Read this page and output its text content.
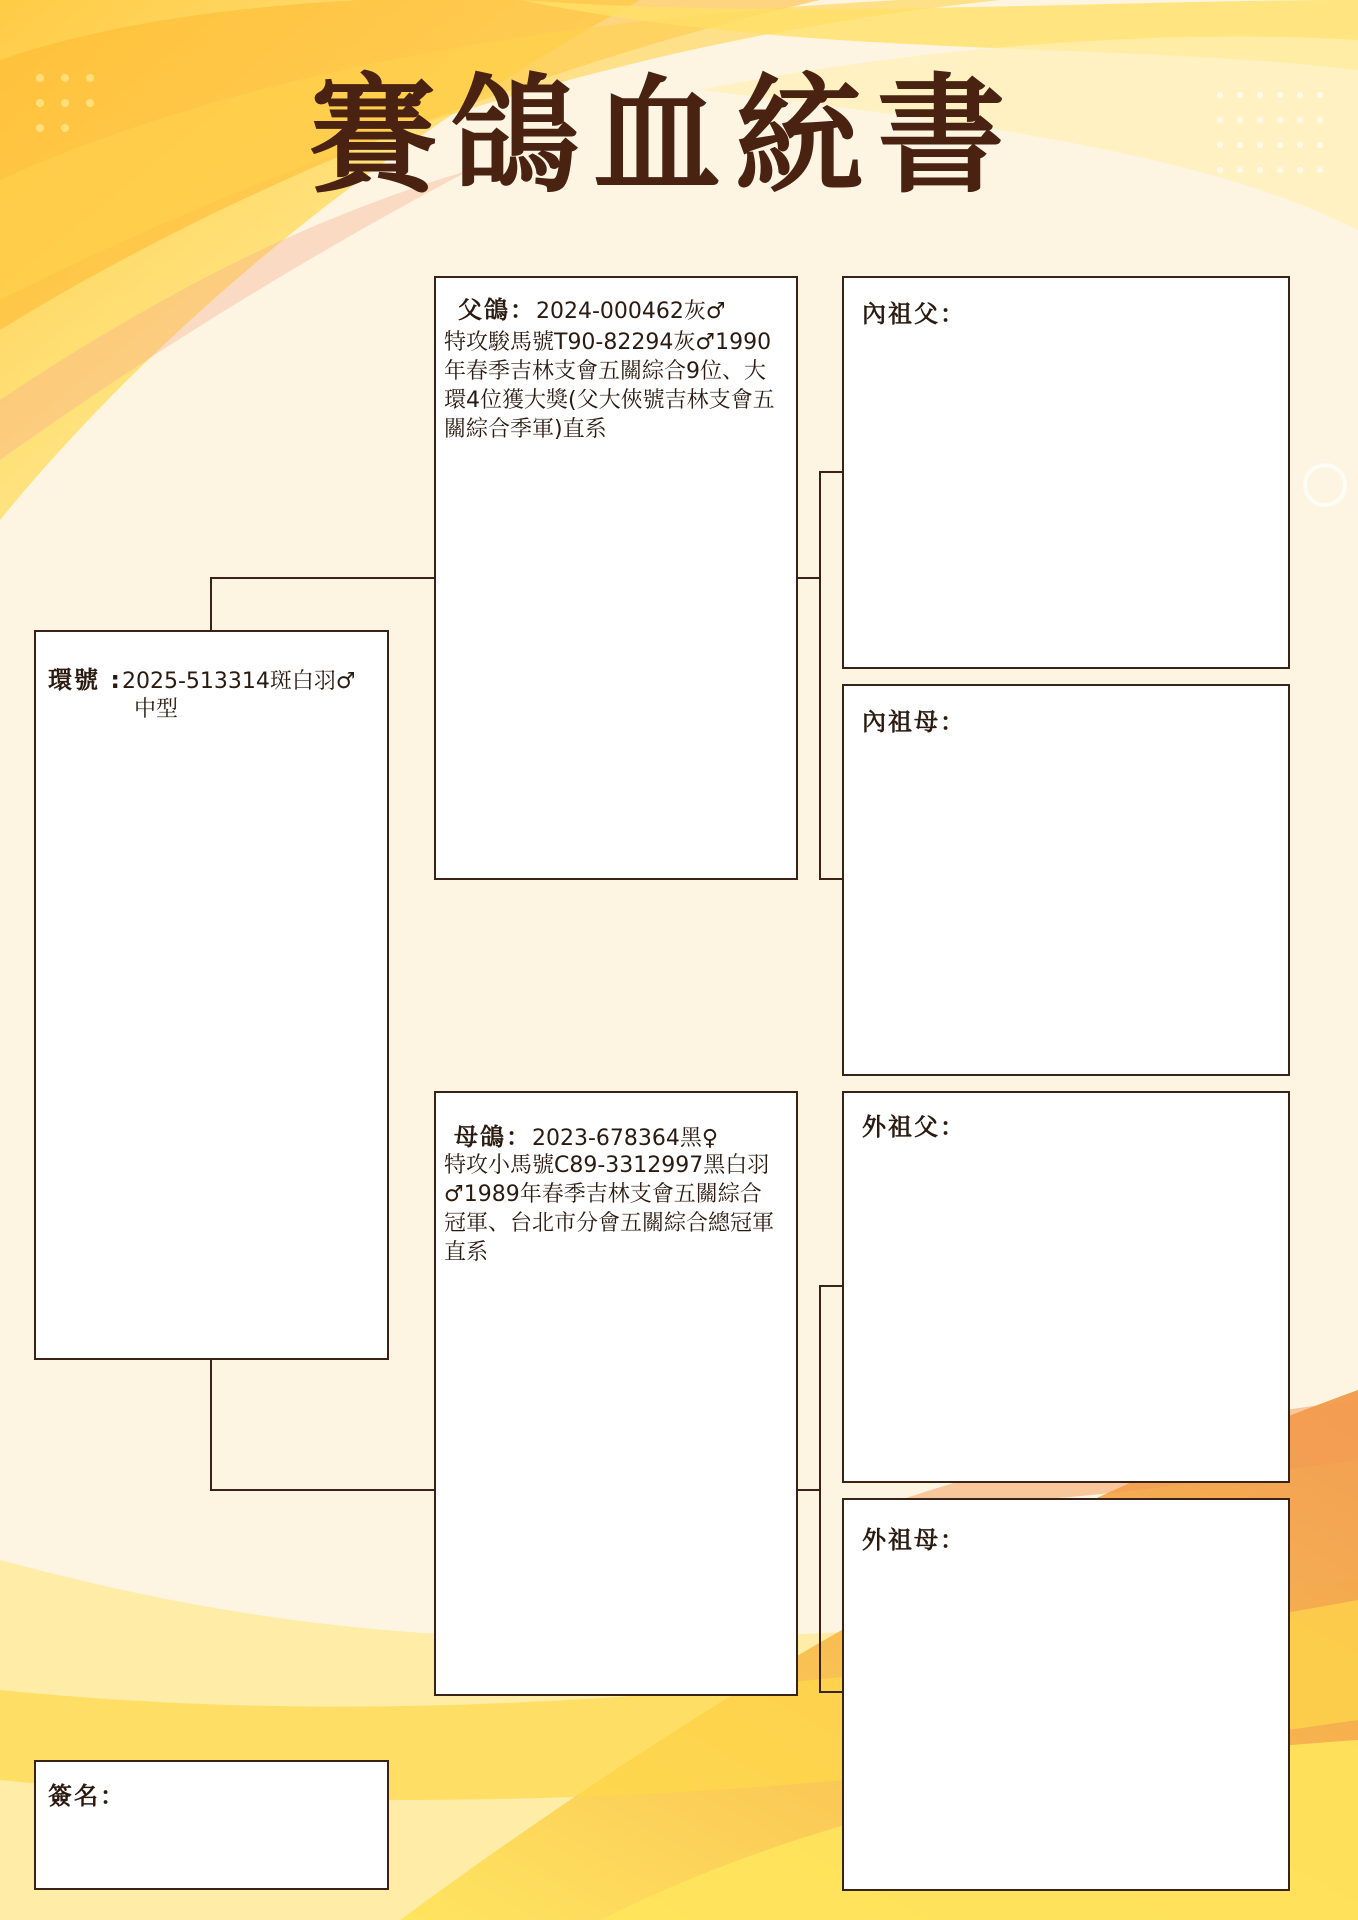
賽鴿血統書
環號 :2025-513314斑白羽♂
中型
父鴿：2024-000462灰♂
特攻駿馬號T90-82294灰♂1990
年春季吉林支會五關綜合9位、大
環4位獲大獎(父大俠號吉林支會五
關綜合季軍)直系
母鴿：2023-678364黑♀
特攻小馬號C89-3312997黑白羽
♂1989年春季吉林支會五關綜合
冠軍、台北市分會五關綜合總冠軍
直系
內祖父：
內祖母：
外祖父：
外祖母：
簽名：
